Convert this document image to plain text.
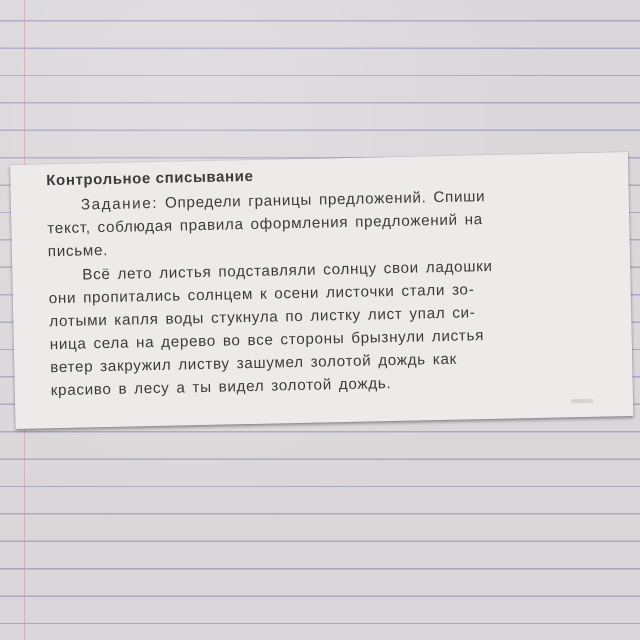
Контрольное списывание
Задание: Определи границы предложений. Спиши
текст, соблюдая правила оформления предложений на
письме.
Всё лето листья подставляли солнцу свои ладошки
они пропитались солнцем к осени листочки стали зо-
лотыми капля воды стукнула по листку лист упал си-
ница села на дерево во все стороны брызнули листья
ветер закружил листву зашумел золотой дождь как
красиво в лесу а ты видел золотой дождь.
